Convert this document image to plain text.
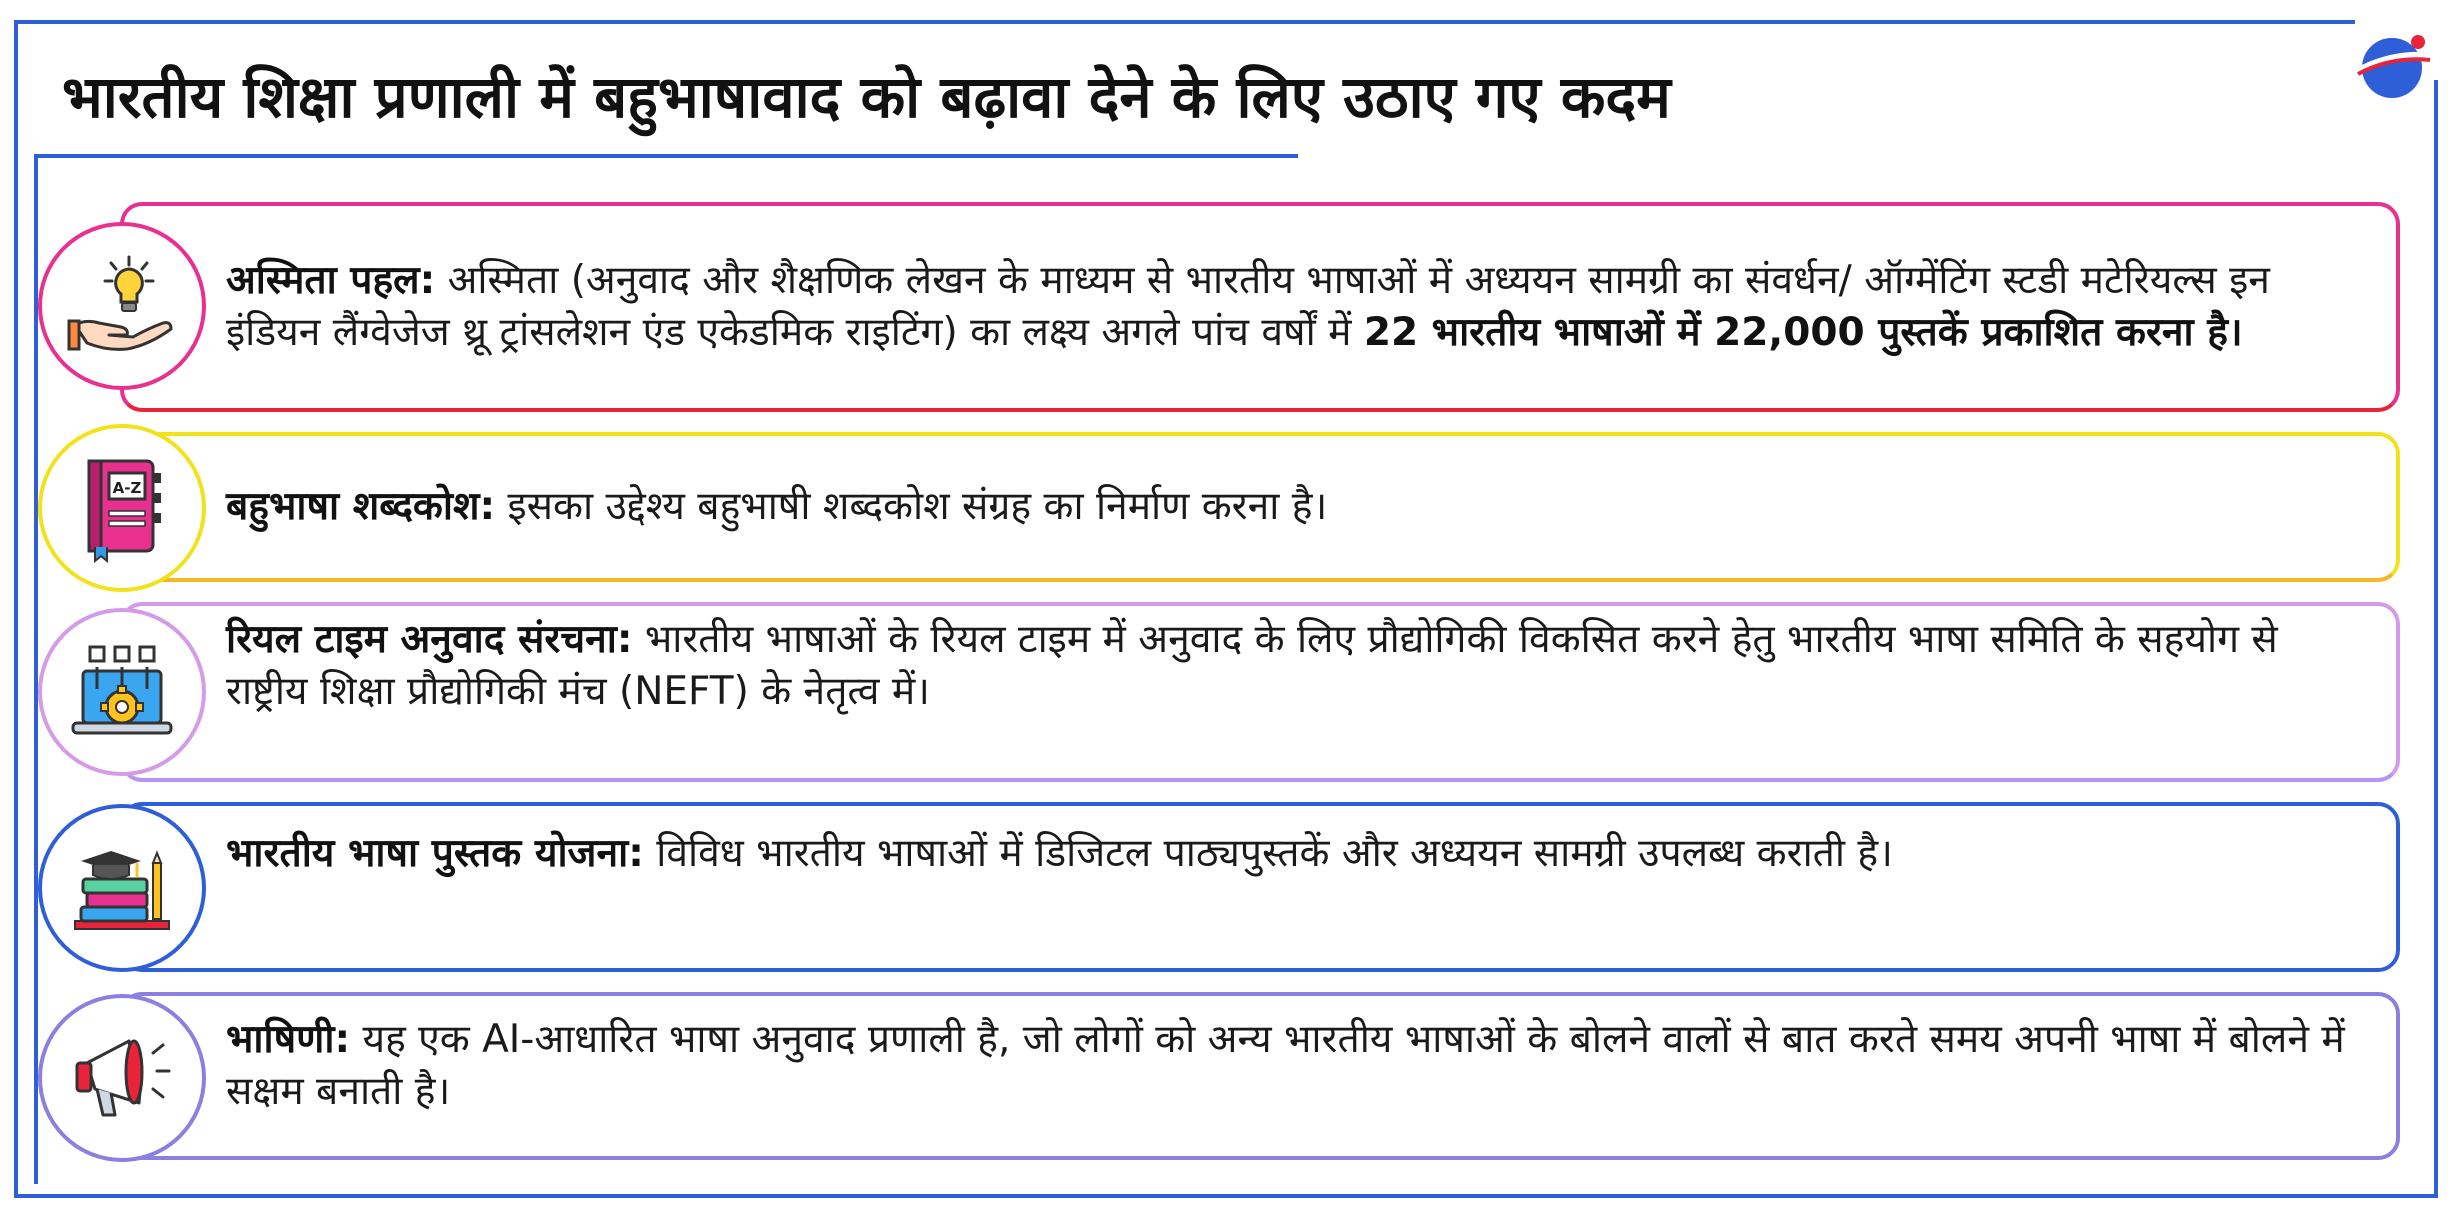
भारतीय शिक्षा प्रणाली में बहुभाषावाद को बढ़ावा देने के लिए उठाए गए कदम
अस्मिता पहल: अस्मिता (अनुवाद और शैक्षणिक लेखन के माध्यम से भारतीय भाषाओं में अध्ययन सामग्री का संवर्धन/ ऑग्मेंटिंग स्टडी मटेरियल्स इन इंडियन लैंग्वेजेज थ्रू ट्रांसलेशन एंड एकेडमिक राइटिंग) का लक्ष्य अगले पांच वर्षों में 22 भारतीय भाषाओं में 22,000 पुस्तकें प्रकाशित करना है।
बहुभाषा शब्दकोश: इसका उद्देश्य बहुभाषी शब्दकोश संग्रह का निर्माण करना है।
A-Z
रियल टाइम अनुवाद संरचना: भारतीय भाषाओं के रियल टाइम में अनुवाद के लिए प्रौद्योगिकी विकसित करने हेतु भारतीय भाषा समिति के सहयोग से राष्ट्रीय शिक्षा प्रौद्योगिकी मंच (NEFT) के नेतृत्व में।
भारतीय भाषा पुस्तक योजना: विविध भारतीय भाषाओं में डिजिटल पाठ्यपुस्तकें और अध्ययन सामग्री उपलब्ध कराती है।
भाषिणी: यह एक AI-आधारित भाषा अनुवाद प्रणाली है, जो लोगों को अन्य भारतीय भाषाओं के बोलने वालों से बात करते समय अपनी भाषा में बोलने में सक्षम बनाती है।
